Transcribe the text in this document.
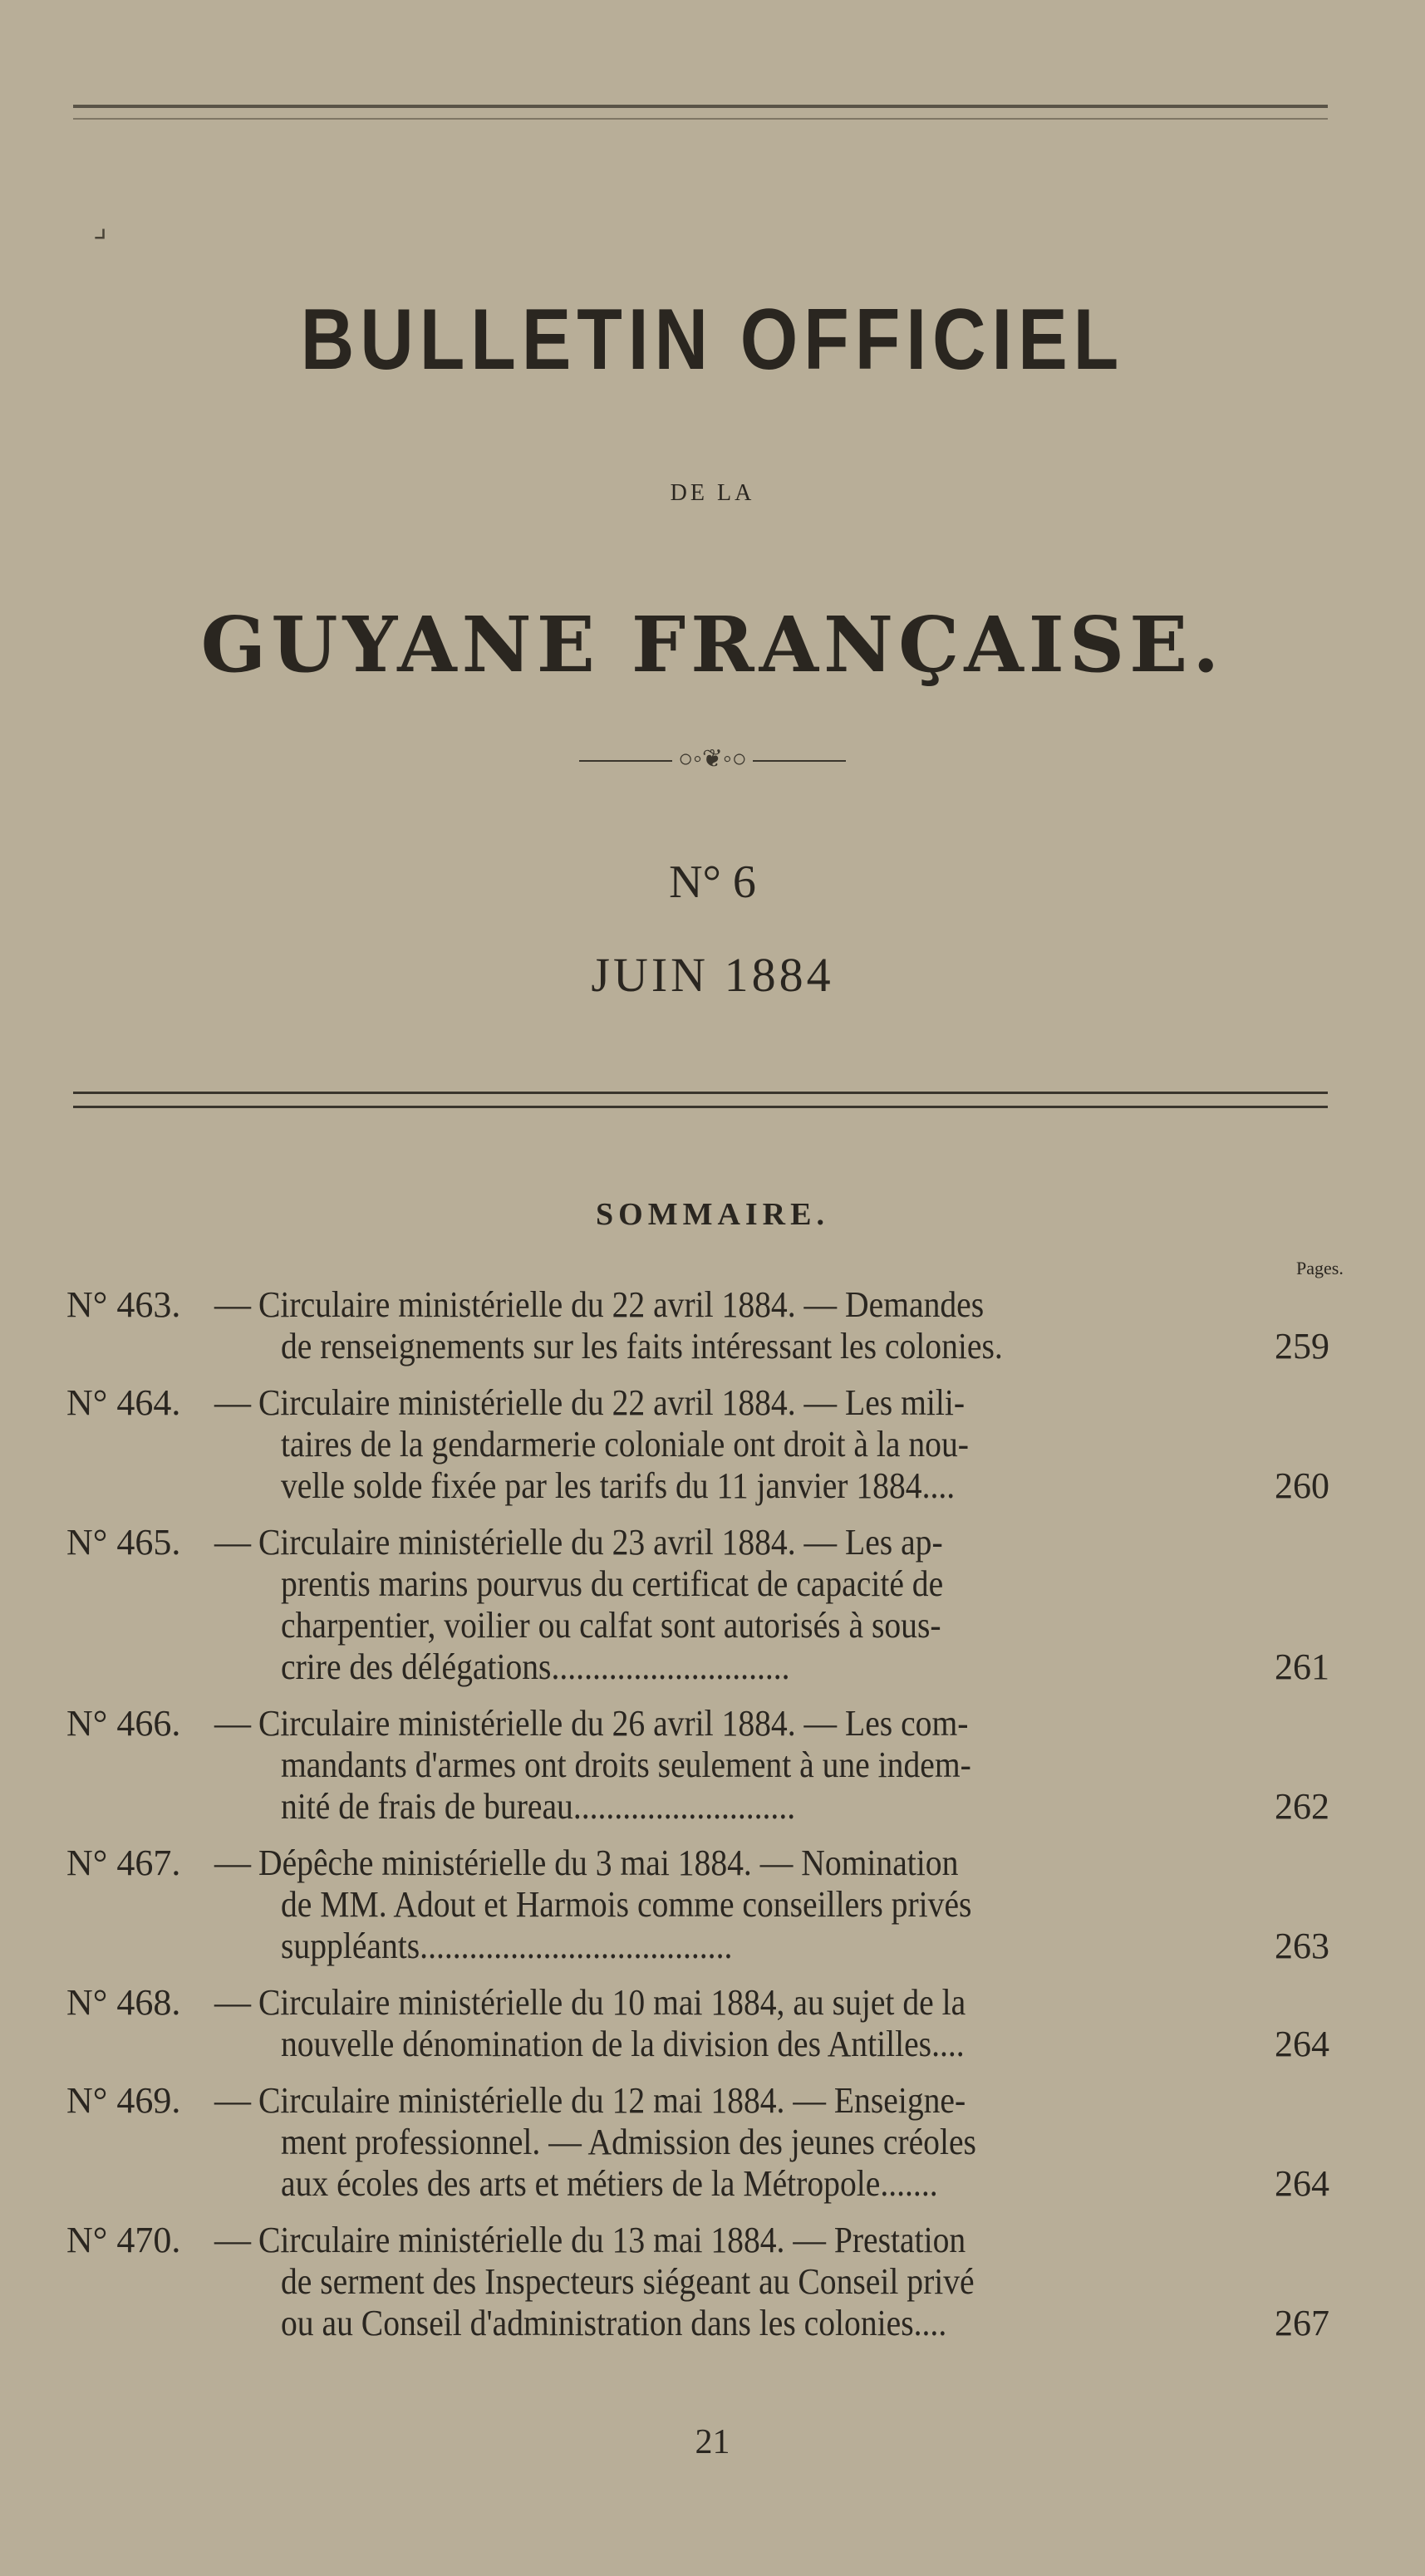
⌟
BULLETIN OFFICIEL
DE LA
GUYANE FRANÇAISE.
○◦❦◦○
N° 6
JUIN 1884
SOMMAIRE.
Pages.
N° 463. — Circulaire ministérielle du 22 avril 1884. — Demandes
de renseignements sur les faits intéressant les colonies.	259
N° 464. — Circulaire ministérielle du 22 avril 1884. — Les mili-
taires de la gendarmerie coloniale ont droit à la nou-
velle solde fixée par les tarifs du 11 janvier 1884....	260
N° 465. — Circulaire ministérielle du 23 avril 1884. — Les ap-
prentis marins pourvus du certificat de capacité de
charpentier, voilier ou calfat sont autorisés à sous-
crire des délégations.............................	261
N° 466. — Circulaire ministérielle du 26 avril 1884. — Les com-
mandants d'armes ont droits seulement à une indem-
nité de frais de bureau...........................	262
N° 467. — Dépêche ministérielle du 3 mai 1884. — Nomination
de MM. Adout et Harmois comme conseillers privés
suppléants......................................	263
N° 468. — Circulaire ministérielle du 10 mai 1884, au sujet de la
nouvelle dénomination de la division des Antilles....	264
N° 469. — Circulaire ministérielle du 12 mai 1884. — Enseigne-
ment professionnel. — Admission des jeunes créoles
aux écoles des arts et métiers de la Métropole.......	264
N° 470. — Circulaire ministérielle du 13 mai 1884. — Prestation
de serment des Inspecteurs siégeant au Conseil privé
ou au Conseil d'administration dans les colonies....	267
21
